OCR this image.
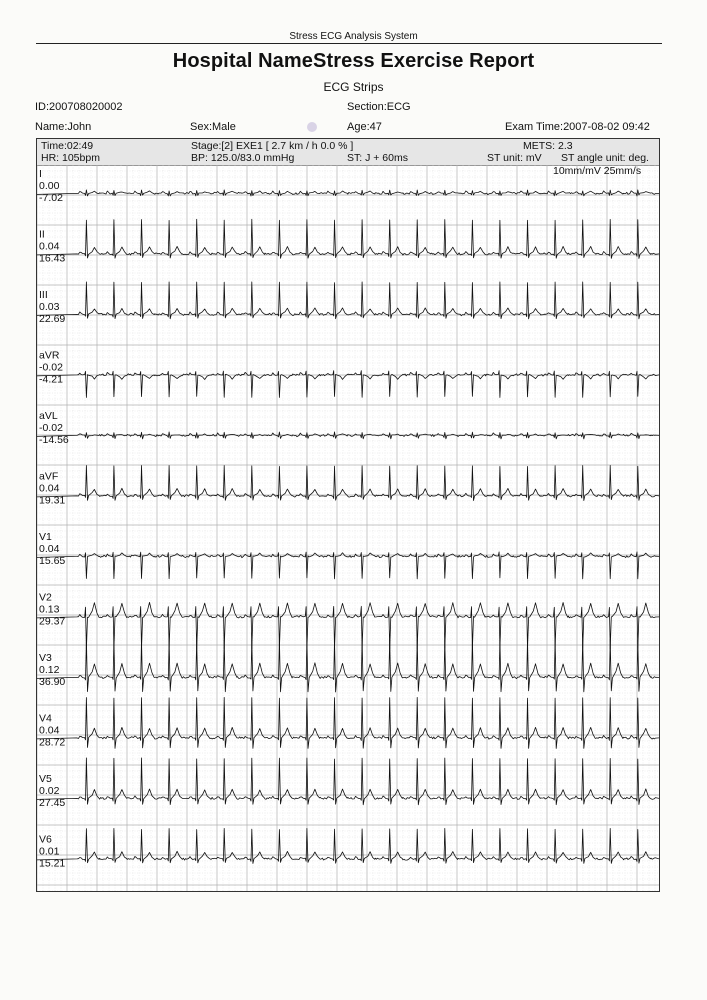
Stress ECG Analysis System
Hospital NameStress Exercise Report
ECG Strips
ID:200708020002	Section:ECG
Name:John	Sex:Male	Age:47	Exam Time:2007-08-02 09:42
Time:02:49
HR: 105bpm
Stage:[2] EXE1 [ 2.7 km / h 0.0 % ]
BP: 125.0/83.0 mmHg
METS: 2.3
ST: J + 60ms	ST unit: mV ST angle unit: deg.
I
0.00
-7.02
II
0.04
16.43
III
0.03
22.69
aVR
-0.02
-4.21
aVL
-0.02
-14.56
aVF
0.04
19.31
V1
0.04
15.65
V2
0.13
29.37
V3
0.12
36.90
V4
0.04
28.72
V5
0.02
27.45
V6
0.01
15.21
10mm/mV 25mm/s
